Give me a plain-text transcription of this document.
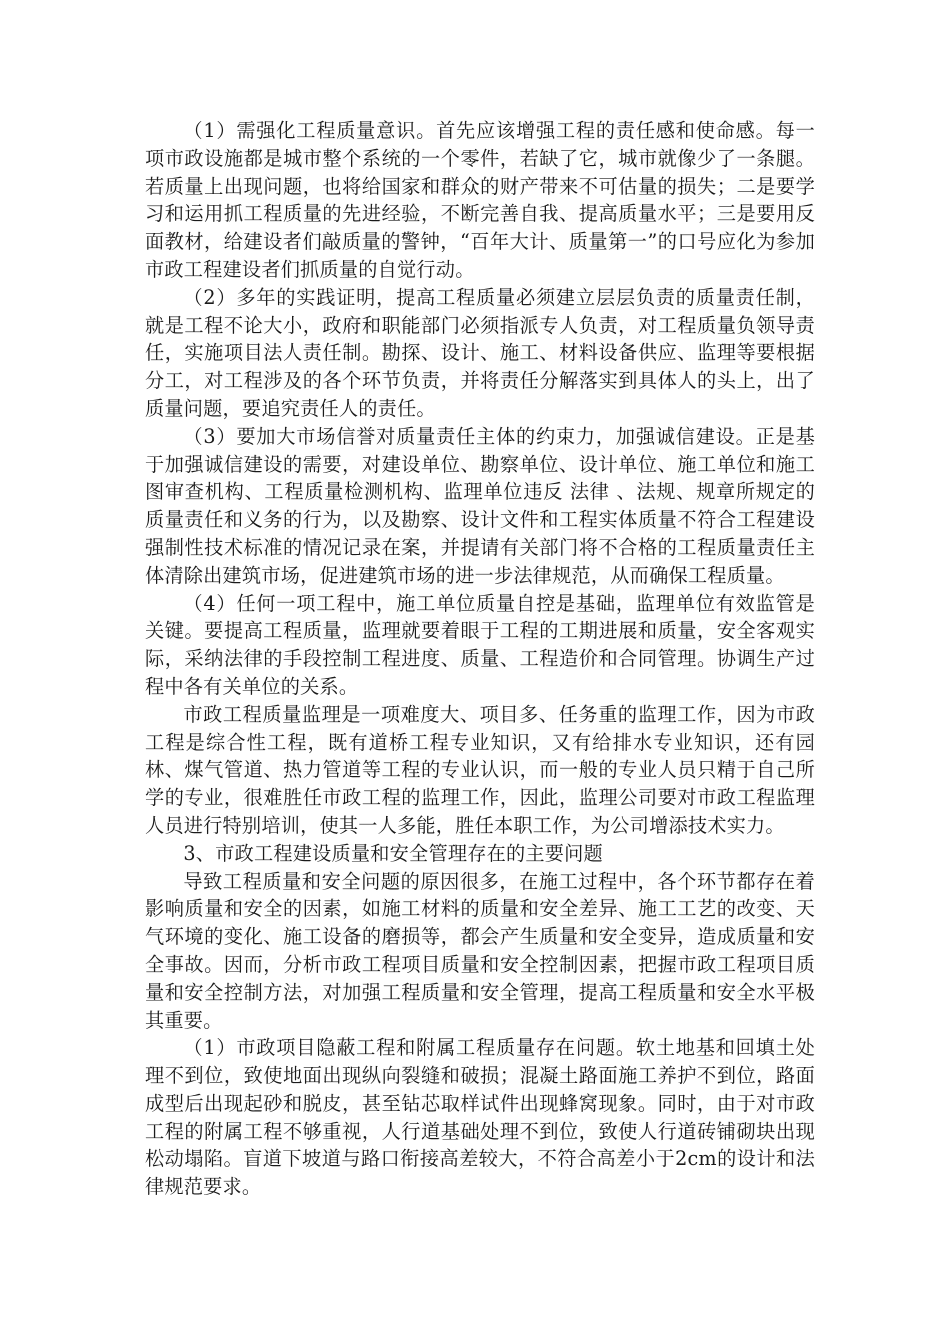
（1）需强化工程质量意识。首先应该增强工程的责任感和使命感。每一项市政设施都是城市整个系统的一个零件，若缺了它，城市就像少了一条腿。若质量上出现问题，也将给国家和群众的财产带来不可估量的损失；二是要学习和运用抓工程质量的先进经验，不断完善自我、提高质量水平；三是要用反面教材，给建设者们敲质量的警钟，“百年大计、质量第一”的口号应化为参加市政工程建设者们抓质量的自觉行动。

（2）多年的实践证明，提高工程质量必须建立层层负责的质量责任制，就是工程不论大小，政府和职能部门必须指派专人负责，对工程质量负领导责任，实施项目法人责任制。勘探、设计、施工、材料设备供应、监理等要根据分工，对工程涉及的各个环节负责，并将责任分解落实到具体人的头上，出了质量问题，要追究责任人的责任。

（3）要加大市场信誉对质量责任主体的约束力，加强诚信建设。正是基于加强诚信建设的需要，对建设单位、勘察单位、设计单位、施工单位和施工图审查机构、工程质量检测机构、监理单位违反 法律 、法规、规章所规定的质量责任和义务的行为，以及勘察、设计文件和工程实体质量不符合工程建设强制性技术标准的情况记录在案，并提请有关部门将不合格的工程质量责任主体清除出建筑市场，促进建筑市场的进一步法律规范，从而确保工程质量。

（4）任何一项工程中，施工单位质量自控是基础，监理单位有效监管是关键。要提高工程质量，监理就要着眼于工程的工期进展和质量，安全客观实际，采纳法律的手段控制工程进度、质量、工程造价和合同管理。协调生产过程中各有关单位的关系。

市政工程质量监理是一项难度大、项目多、任务重的监理工作，因为市政工程是综合性工程，既有道桥工程专业知识，又有给排水专业知识，还有园林、煤气管道、热力管道等工程的专业认识，而一般的专业人员只精于自己所学的专业，很难胜任市政工程的监理工作，因此，监理公司要对市政工程监理人员进行特别培训，使其一人多能，胜任本职工作，为公司增添技术实力。

3、市政工程建设质量和安全管理存在的主要问题

导致工程质量和安全问题的原因很多，在施工过程中，各个环节都存在着影响质量和安全的因素，如施工材料的质量和安全差异、施工工艺的改变、天气环境的变化、施工设备的磨损等，都会产生质量和安全变异，造成质量和安全事故。因而，分析市政工程项目质量和安全控制因素，把握市政工程项目质量和安全控制方法，对加强工程质量和安全管理，提高工程质量和安全水平极其重要。

（1）市政项目隐蔽工程和附属工程质量存在问题。软土地基和回填土处理不到位，致使地面出现纵向裂缝和破损；混凝土路面施工养护不到位，路面成型后出现起砂和脱皮，甚至钻芯取样试件出现蜂窝现象。同时，由于对市政工程的附属工程不够重视，人行道基础处理不到位，致使人行道砖铺砌块出现松动塌陷。盲道下坡道与路口衔接高差较大，不符合高差小于2cm的设计和法律规范要求。
